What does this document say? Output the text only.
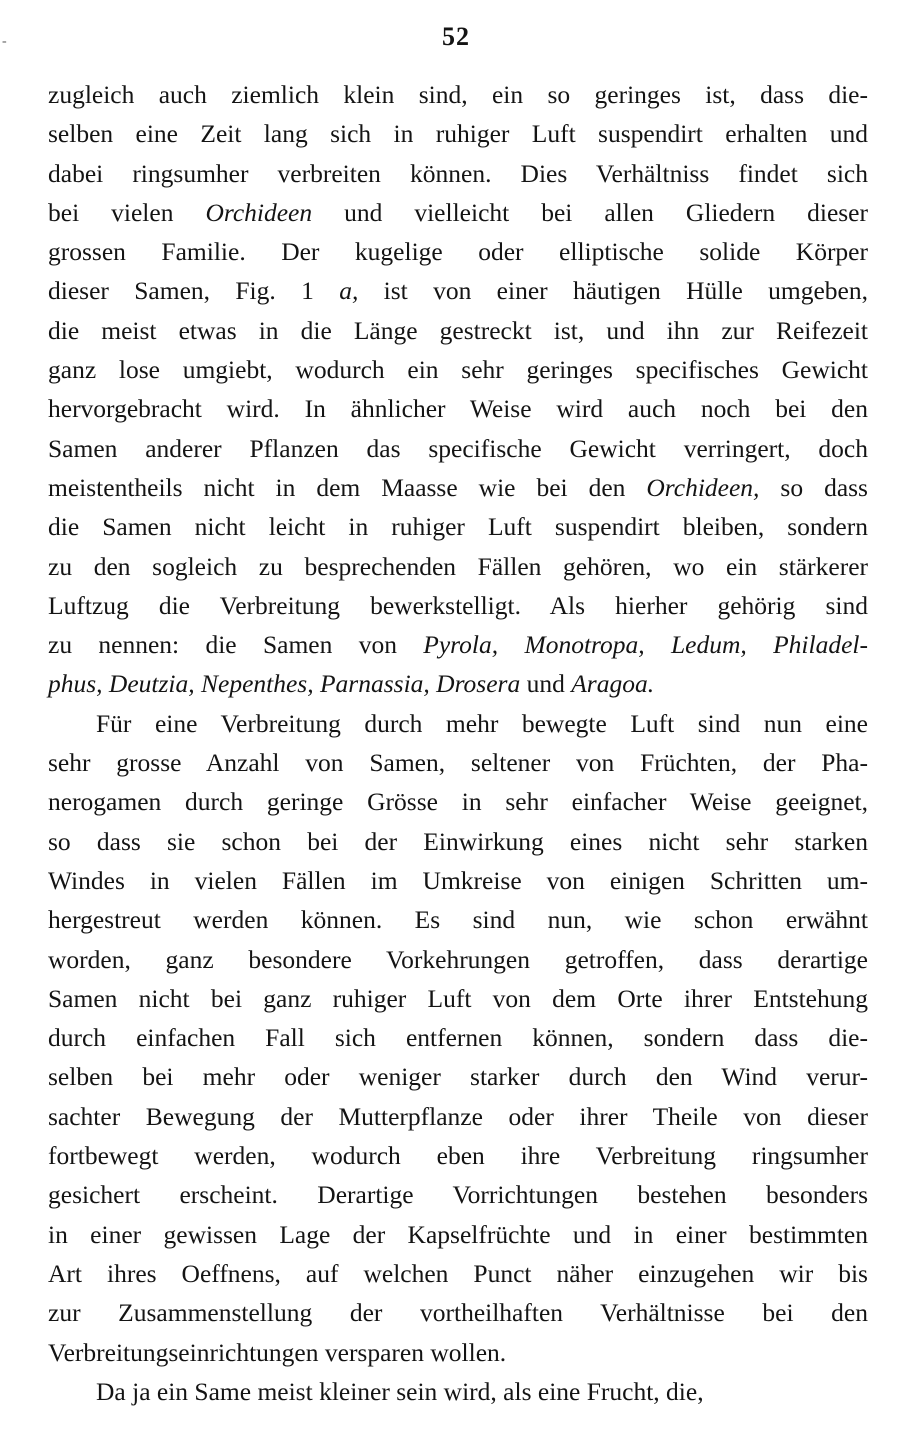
-	52
zugleich auch ziemlich klein sind, ein so geringes ist, dass die-
selben eine Zeit lang sich in ruhiger Luft suspendirt erhalten und
dabei ringsumher verbreiten können. Dies Verhältniss findet sich
bei vielen Orchideen und vielleicht bei allen Gliedern dieser
grossen Familie. Der kugelige oder elliptische solide Körper
dieser Samen, Fig. 1 a, ist von einer häutigen Hülle umgeben,
die meist etwas in die Länge gestreckt ist, und ihn zur Reifezeit
ganz lose umgiebt, wodurch ein sehr geringes specifisches Gewicht
hervorgebracht wird. In ähnlicher Weise wird auch noch bei den
Samen anderer Pflanzen das specifische Gewicht verringert, doch
meistentheils nicht in dem Maasse wie bei den Orchideen, so dass
die Samen nicht leicht in ruhiger Luft suspendirt bleiben, sondern
zu den sogleich zu besprechenden Fällen gehören, wo ein stärkerer
Luftzug die Verbreitung bewerkstelligt. Als hierher gehörig sind
zu nennen: die Samen von Pyrola, Monotropa, Ledum, Philadel-
phus, Deutzia, Nepenthes, Parnassia, Drosera und Aragoa.
Für eine Verbreitung durch mehr bewegte Luft sind nun eine
sehr grosse Anzahl von Samen, seltener von Früchten, der Pha-
nerogamen durch geringe Grösse in sehr einfacher Weise geeignet,
so dass sie schon bei der Einwirkung eines nicht sehr starken
Windes in vielen Fällen im Umkreise von einigen Schritten um-
hergestreut werden können. Es sind nun, wie schon erwähnt
worden, ganz besondere Vorkehrungen getroffen, dass derartige
Samen nicht bei ganz ruhiger Luft von dem Orte ihrer Entstehung
durch einfachen Fall sich entfernen können, sondern dass die-
selben bei mehr oder weniger starker durch den Wind verur-
sachter Bewegung der Mutterpflanze oder ihrer Theile von dieser
fortbewegt werden, wodurch eben ihre Verbreitung ringsumher
gesichert erscheint. Derartige Vorrichtungen bestehen besonders
in einer gewissen Lage der Kapselfrüchte und in einer bestimmten
Art ihres Oeffnens, auf welchen Punct näher einzugehen wir bis
zur Zusammenstellung der vortheilhaften Verhältnisse bei den
Verbreitungseinrichtungen versparen wollen.
Da ja ein Same meist kleiner sein wird, als eine Frucht, die,
